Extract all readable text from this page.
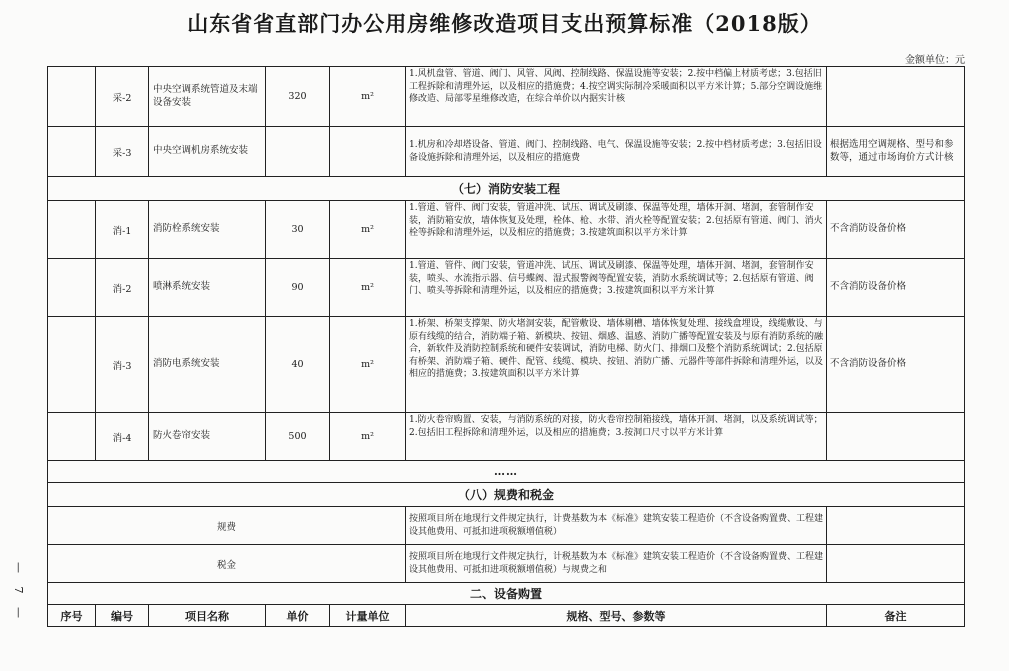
山东省省直部门办公用房维修改造项目支出预算标准（2018版）
金额单位：元
— 7 —
	采-2	中央空调系统管道及末端设备安装	320	m²	1.风机盘管、管道、阀门、风管、风阀、控制线路、保温设施等安装；2.按中档偏上材质考虑；3.包括旧工程拆除和清理外运，以及相应的措施费；4.按空调实际制冷采暖面积以平方米计算；5.部分空调设施维修改造、局部零星维修改造，在综合单价以内据实计核	
	采-3	中央空调机房系统安装			1.机房和冷却塔设备、管道、阀门、控制线路、电气、保温设施等安装；2.按中档材质考虑；3.包括旧设备设施拆除和清理外运，以及相应的措施费	根据选用空调规格、型号和参数等，通过市场询价方式计核
（七）消防安装工程						
	消-1	消防栓系统安装	30	m²	1.管道、管件、阀门安装，管道冲洗、试压、调试及刷漆、保温等处理，墙体开洞、堵洞，套管制作安装，消防箱安放，墙体恢复及处理，栓体、枪、水带、消火栓等配置安装；2.包括原有管道、阀门、消火栓等拆除和清理外运，以及相应的措施费；3.按建筑面积以平方米计算	不含消防设备价格
	消-2	喷淋系统安装	90	m²	1.管道、管件、阀门安装，管道冲洗、试压、调试及刷漆、保温等处理，墙体开洞、堵洞，套管制作安装，喷头、水流指示器、信号蝶阀、湿式报警阀等配置安装，消防水系统调试等；2.包括原有管道、阀门、喷头等拆除和清理外运，以及相应的措施费；3.按建筑面积以平方米计算	不含消防设备价格
	消-3	消防电系统安装	40	m²	1.桥架、桥架支撑架、防火堵洞安装，配管敷设、墙体剔槽、墙体恢复处理、接线盒埋设，线缆敷设、与原有线缆的结合，消防端子箱、新模块、按钮、烟感、温感、消防广播等配置安装及与原有消防系统的融合，新软件及消防控制系统和硬件安装调试，消防电梯、防火门、排烟口及整个消防系统调试；2.包括原有桥架、消防端子箱、硬件、配管、线缆、模块、按钮、消防广播、元器件等部件拆除和清理外运，以及相应的措施费；3.按建筑面积以平方米计算	不含消防设备价格
	消-4	防火卷帘安装	500	m²	1.防火卷帘购置、安装，与消防系统的对接，防火卷帘控制箱接线，墙体开洞、堵洞，以及系统调试等；2.包括旧工程拆除和清理外运，以及相应的措施费；3.按洞口尺寸以平方米计算	
……						
（八）规费和税金						
规费					按照项目所在地现行文件规定执行，计费基数为本《标准》建筑安装工程造价（不含设备购置费、工程建设其他费用、可抵扣进项税额增值税）	
税金					按照项目所在地现行文件规定执行，计税基数为本《标准》建筑安装工程造价（不含设备购置费、工程建设其他费用、可抵扣进项税额增值税）与规费之和	
二、设备购置						
序号	编号	项目名称	单价	计量单位	规格、型号、参数等	备注
